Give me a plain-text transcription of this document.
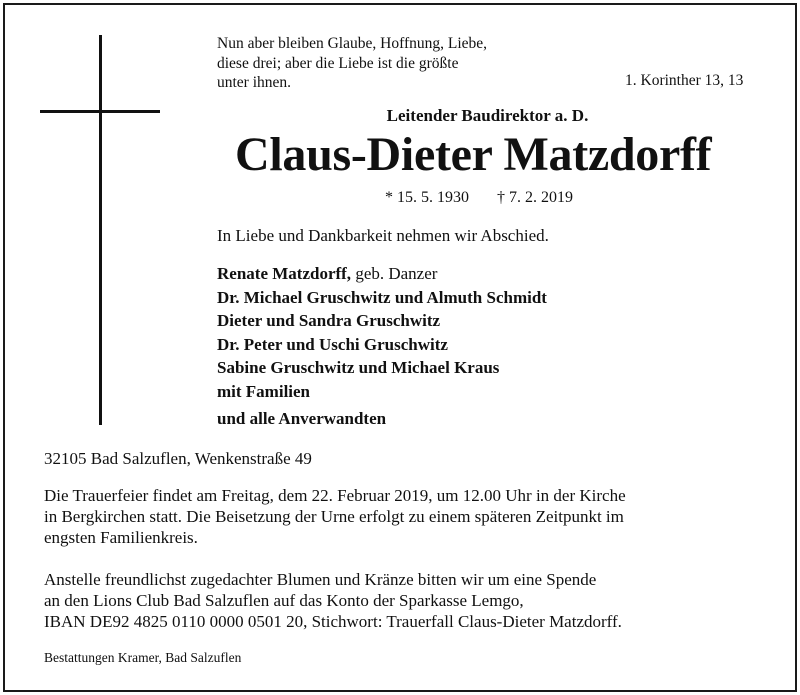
Nun aber bleiben Glaube, Hoffnung, Liebe,
diese drei; aber die Liebe ist die größte
unter ihnen.	1. Korinther 13, 13
Leitender Baudirektor a. D.
Claus-Dieter Matzdorff
* 15. 5. 1930 † 7. 2. 2019
In Liebe und Dankbarkeit nehmen wir Abschied.
Renate Matzdorff, geb. Danzer
Dr. Michael Gruschwitz und Almuth Schmidt
Dieter und Sandra Gruschwitz
Dr. Peter und Uschi Gruschwitz
Sabine Gruschwitz und Michael Kraus
mit Familien
und alle Anverwandten
32105 Bad Salzuflen, Wenkenstraße 49
Die Trauerfeier findet am Freitag, dem 22. Februar 2019, um 12.00 Uhr in der Kirche
in Bergkirchen statt. Die Beisetzung der Urne erfolgt zu einem späteren Zeitpunkt im
engsten Familienkreis.
Anstelle freundlichst zugedachter Blumen und Kränze bitten wir um eine Spende
an den Lions Club Bad Salzuflen auf das Konto der Sparkasse Lemgo,
IBAN DE92 4825 0110 0000 0501 20, Stichwort: Trauerfall Claus-Dieter Matzdorff.
Bestattungen Kramer, Bad Salzuflen
